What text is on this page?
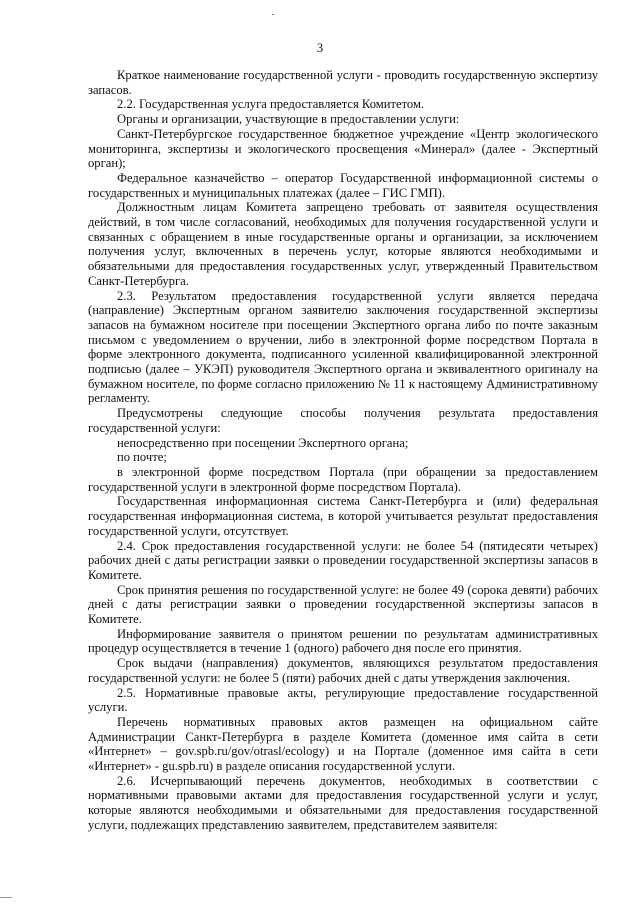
3

Краткое наименование государственной услуги - проводить государственную экспертизу запасов.

2.2. Государственная услуга предоставляется Комитетом.

Органы и организации, участвующие в предоставлении услуги:

Санкт-Петербургское государственное бюджетное учреждение «Центр экологического мониторинга, экспертизы и экологического просвещения «Минерал» (далее - Экспертный орган);

Федеральное казначейство – оператор Государственной информационной системы о государственных и муниципальных платежах (далее – ГИС ГМП).

Должностным лицам Комитета запрещено требовать от заявителя осуществления действий, в том числе согласований, необходимых для получения государственной услуги и связанных с обращением в иные государственные органы и организации, за исключением получения услуг, включенных в перечень услуг, которые являются необходимыми и обязательными для предоставления государственных услуг, утвержденный Правительством Санкт-Петербурга.

2.3. Результатом предоставления государственной услуги является передача (направление) Экспертным органом заявителю заключения государственной экспертизы запасов на бумажном носителе при посещении Экспертного органа либо по почте заказным письмом с уведомлением о вручении, либо в электронной форме посредством Портала в форме электронного документа, подписанного усиленной квалифицированной электронной подписью (далее – УКЭП) руководителя Экспертного органа и эквивалентного оригиналу на бумажном носителе, по форме согласно приложению № 11 к настоящему Административному регламенту.

Предусмотрены следующие способы получения результата предоставления государственной услуги:

непосредственно при посещении Экспертного органа;

по почте;

в электронной форме посредством Портала (при обращении за предоставлением государственной услуги в электронной форме посредством Портала).

Государственная информационная система Санкт-Петербурга и (или) федеральная государственная информационная система, в которой учитывается результат предоставления государственной услуги, отсутствует.

2.4. Срок предоставления государственной услуги: не более 54 (пятидесяти четырех) рабочих дней с даты регистрации заявки о проведении государственной экспертизы запасов в Комитете.

Срок принятия решения по государственной услуге: не более 49 (сорока девяти) рабочих дней с даты регистрации заявки о проведении государственной экспертизы запасов в Комитете.

Информирование заявителя о принятом решении по результатам административных процедур осуществляется в течение 1 (одного) рабочего дня после его принятия.

Срок выдачи (направления) документов, являющихся результатом предоставления государственной услуги: не более 5 (пяти) рабочих дней с даты утверждения заключения.

2.5. Нормативные правовые акты, регулирующие предоставление государственной услуги.

Перечень нормативных правовых актов размещен на официальном сайте Администрации Санкт-Петербурга в разделе Комитета (доменное имя сайта в сети «Интернет» – gov.spb.ru/gov/otrasl/ecology) и на Портале (доменное имя сайта в сети «Интернет» - gu.spb.ru) в разделе описания государственной услуги.

2.6. Исчерпывающий перечень документов, необходимых в соответствии с нормативными правовыми актами для предоставления государственной услуги и услуг, которые являются необходимыми и обязательными для предоставления государственной услуги, подлежащих представлению заявителем, представителем заявителя:
